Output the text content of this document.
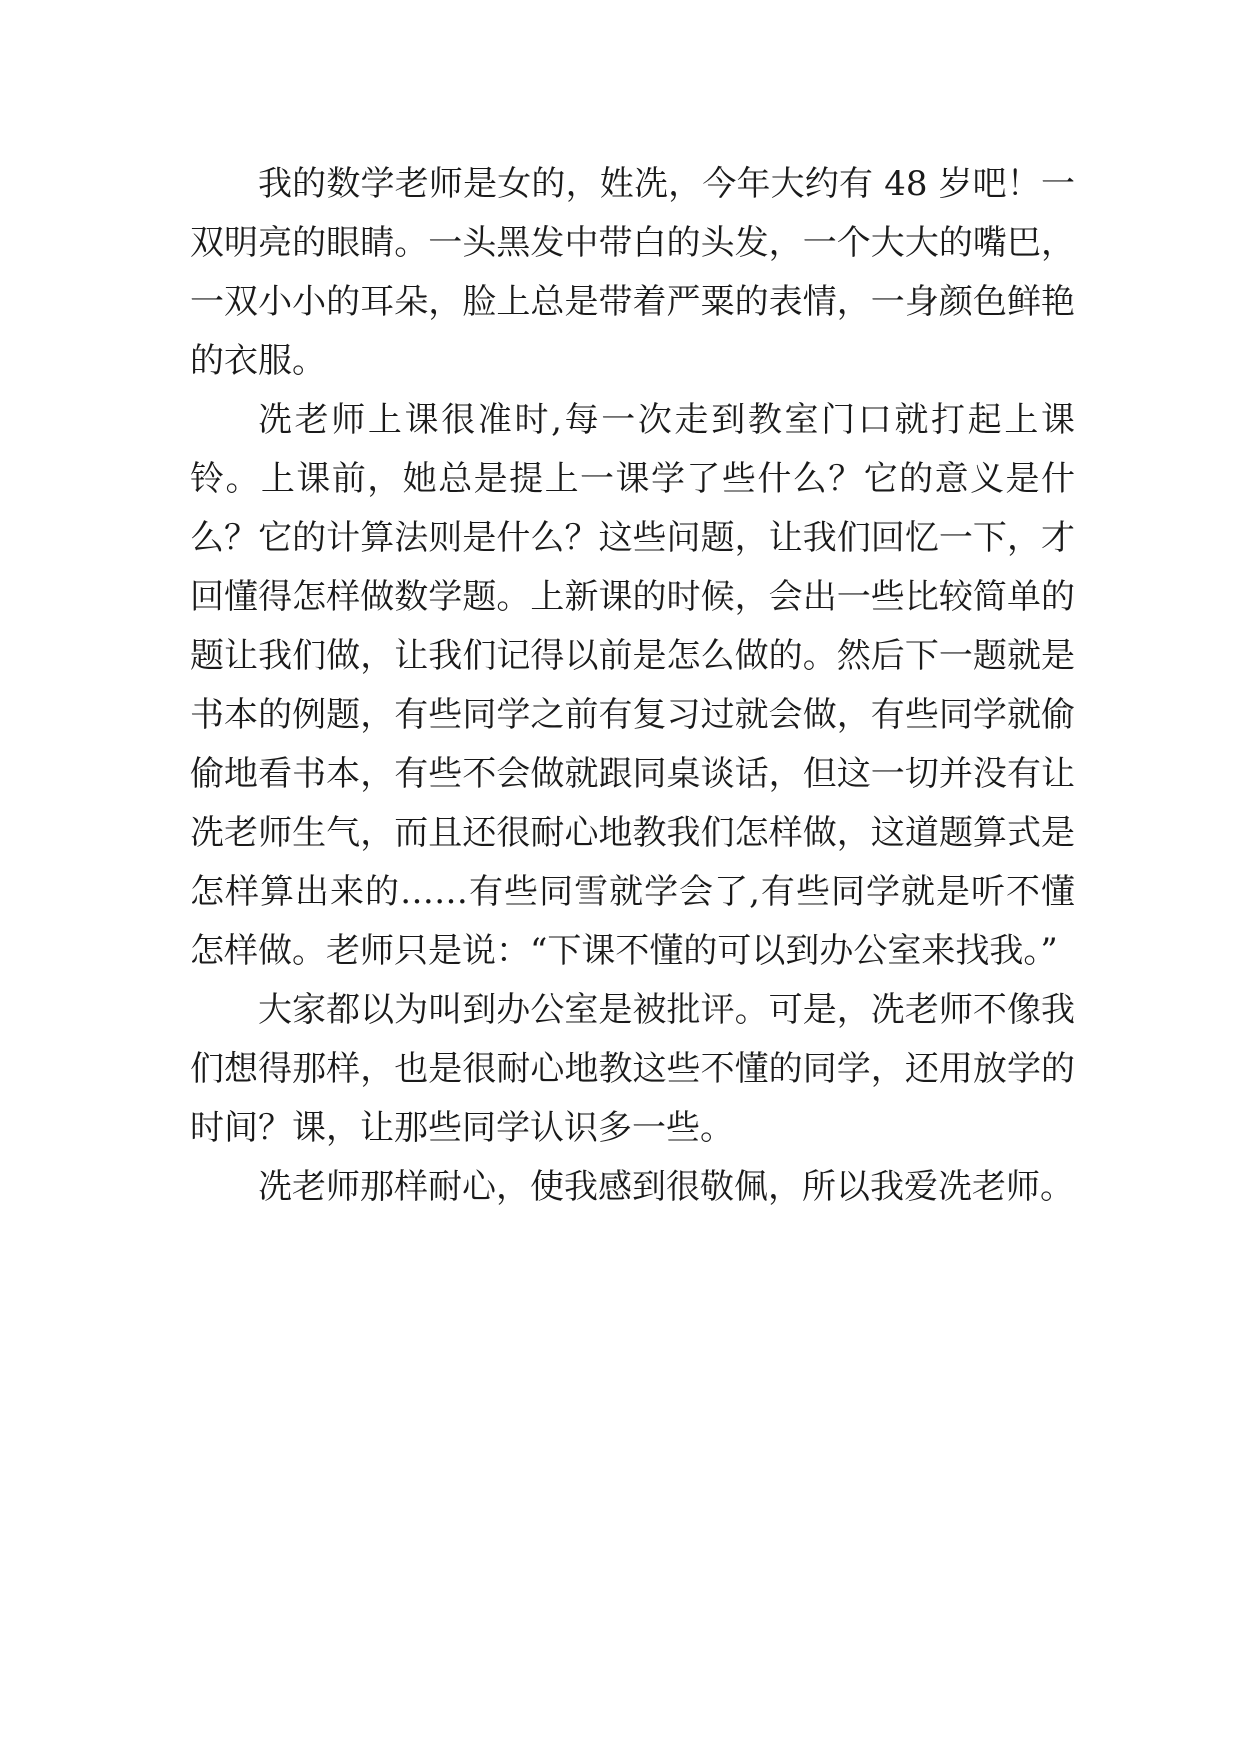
我的数学老师是女的，姓冼，今年大约有 48 岁吧！一双明亮的眼睛。一头黑发中带白的头发，一个大大的嘴巴，一双小小的耳朵，脸上总是带着严粟的表情，一身颜色鲜艳的衣服。

冼老师上课很准时,每一次走到教室门口就打起上课铃。上课前，她总是提上一课学了些什么？它的意义是什么？它的计算法则是什么？这些问题，让我们回忆一下，才回懂得怎样做数学题。上新课的时候，会出一些比较简单的题让我们做，让我们记得以前是怎么做的。然后下一题就是书本的例题，有些同学之前有复习过就会做，有些同学就偷偷地看书本，有些不会做就跟同桌谈话，但这一切并没有让冼老师生气，而且还很耐心地教我们怎样做，这道题算式是怎样算出来的……有些同雪就学会了,有些同学就是听不懂怎样做。老师只是说：“下课不懂的可以到办公室来找我。”

大家都以为叫到办公室是被批评。可是，冼老师不像我们想得那样，也是很耐心地教这些不懂的同学，还用放学的时间？课，让那些同学认识多一些。

冼老师那样耐心，使我感到很敬佩，所以我爱冼老师。
